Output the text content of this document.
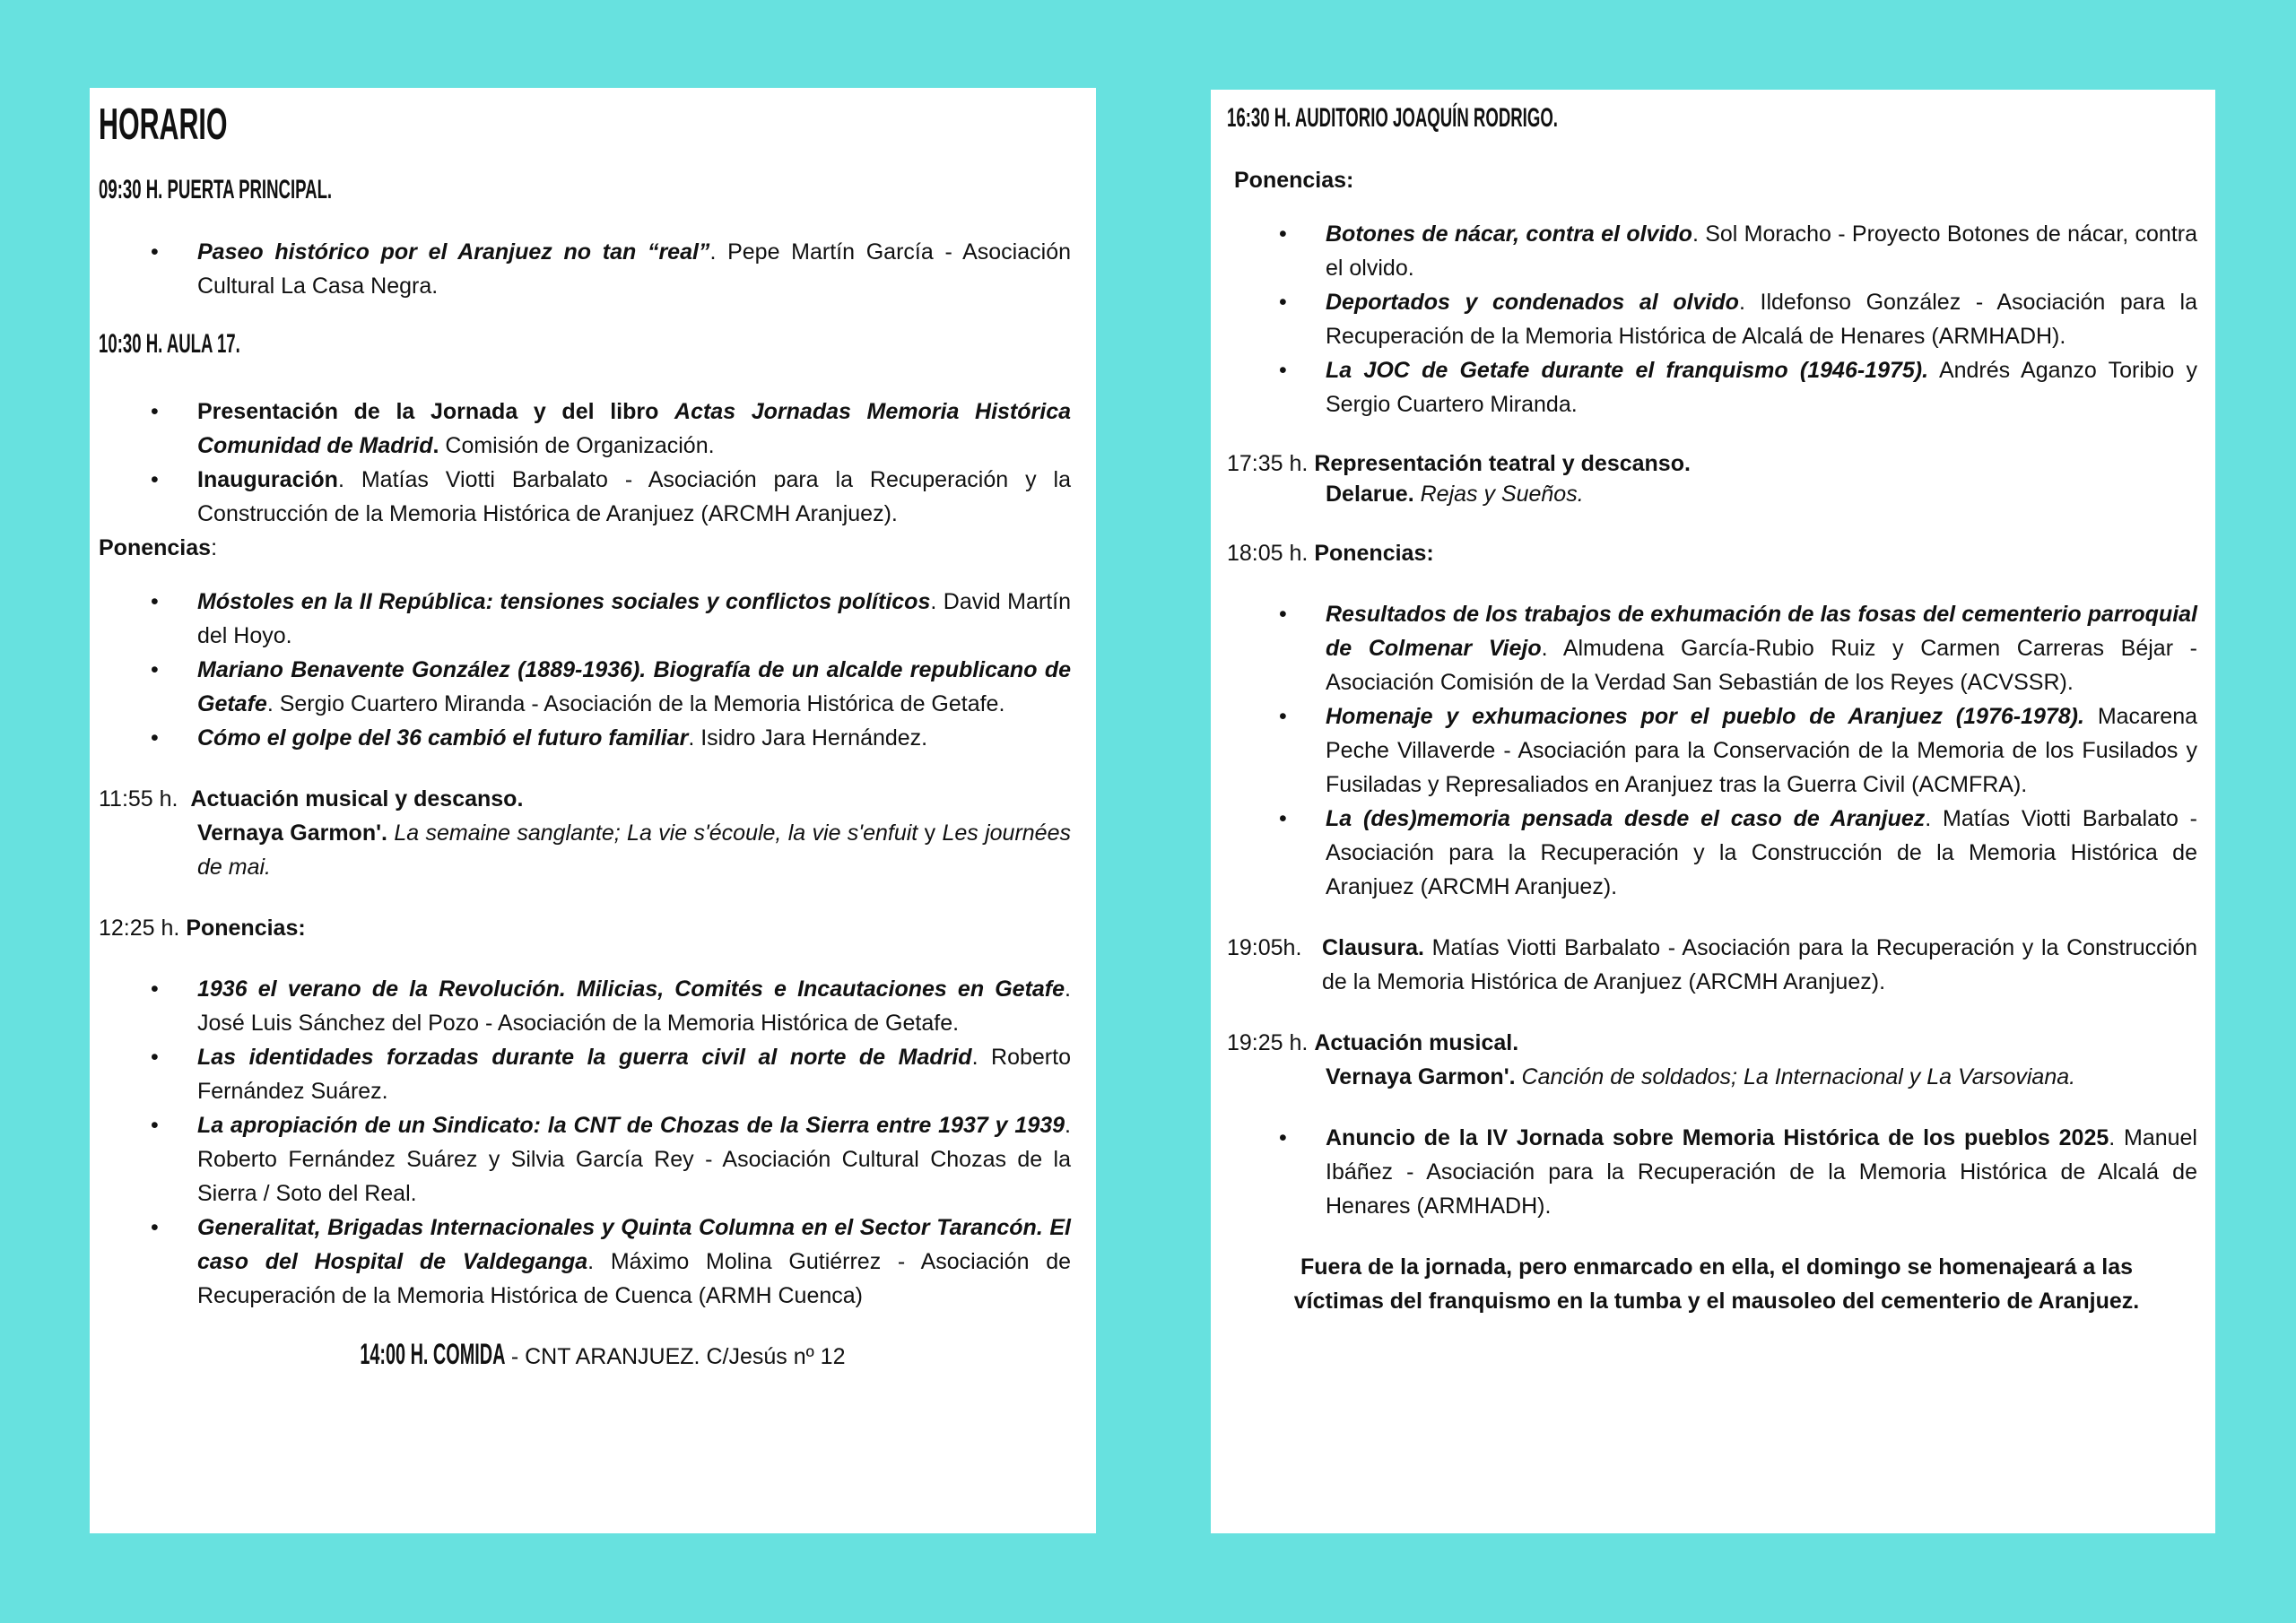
HORARIO
09:30 H. PUERTA PRINCIPAL.
• Paseo histórico por el Aranjuez no tan “real”. Pepe Martín García - Asociación Cultural La Casa Negra.
10:30 H. AULA 17.
• Presentación de la Jornada y del libro Actas Jornadas Memoria Histórica Comunidad de Madrid. Comisión de Organización.
• Inauguración. Matías Viotti Barbalato - Asociación para la Recuperación y la Construcción de la Memoria Histórica de Aranjuez (ARCMH Aranjuez).
Ponencias:
• Móstoles en la II República: tensiones sociales y conflictos políticos. David Martín del Hoyo.
• Mariano Benavente González (1889-1936). Biografía de un alcalde republicano de Getafe. Sergio Cuartero Miranda - Asociación de la Memoria Histórica de Getafe.
• Cómo el golpe del 36 cambió el futuro familiar. Isidro Jara Hernández.
11:55 h. Actuación musical y descanso.
Vernaya Garmon'. La semaine sanglante; La vie s'écoule, la vie s'enfuit y Les journées de mai.
12:25 h. Ponencias:
• 1936 el verano de la Revolución. Milicias, Comités e Incautaciones en Getafe. José Luis Sánchez del Pozo - Asociación de la Memoria Histórica de Getafe.
• Las identidades forzadas durante la guerra civil al norte de Madrid. Roberto Fernández Suárez.
• La apropiación de un Sindicato: la CNT de Chozas de la Sierra entre 1937 y 1939. Roberto Fernández Suárez y Silvia García Rey - Asociación Cultural Chozas de la Sierra / Soto del Real.
• Generalitat, Brigadas Internacionales y Quinta Columna en el Sector Tarancón. El caso del Hospital de Valdeganga. Máximo Molina Gutiérrez - Asociación de Recuperación de la Memoria Histórica de Cuenca (ARMH Cuenca)
14:00 H. COMIDA - CNT ARANJUEZ. C/Jesús nº 12
16:30 H. AUDITORIO JOAQUÍN RODRIGO.
Ponencias:
• Botones de nácar, contra el olvido. Sol Moracho - Proyecto Botones de nácar, contra el olvido.
• Deportados y condenados al olvido. Ildefonso González - Asociación para la Recuperación de la Memoria Histórica de Alcalá de Henares (ARMHADH).
• La JOC de Getafe durante el franquismo (1946-1975). Andrés Aganzo Toribio y Sergio Cuartero Miranda.
17:35 h. Representación teatral y descanso.
Delarue. Rejas y Sueños.
18:05 h. Ponencias:
• Resultados de los trabajos de exhumación de las fosas del cementerio parroquial de Colmenar Viejo. Almudena García-Rubio Ruiz y Carmen Carreras Béjar - Asociación Comisión de la Verdad San Sebastián de los Reyes (ACVSSR).
• Homenaje y exhumaciones por el pueblo de Aranjuez (1976-1978). Macarena Peche Villaverde - Asociación para la Conservación de la Memoria de los Fusilados y Fusiladas y Represaliados en Aranjuez tras la Guerra Civil (ACMFRA).
• La (des)memoria pensada desde el caso de Aranjuez. Matías Viotti Barbalato - Asociación para la Recuperación y la Construcción de la Memoria Histórica de Aranjuez (ARCMH Aranjuez).
19:05h. Clausura. Matías Viotti Barbalato - Asociación para la Recuperación y la Construcción de la Memoria Histórica de Aranjuez (ARCMH Aranjuez).
19:25 h. Actuación musical.
Vernaya Garmon'. Canción de soldados; La Internacional y La Varsoviana.
• Anuncio de la IV Jornada sobre Memoria Histórica de los pueblos 2025. Manuel Ibáñez - Asociación para la Recuperación de la Memoria Histórica de Alcalá de Henares (ARMHADH).
Fuera de la jornada, pero enmarcado en ella, el domingo se homenajeará a las víctimas del franquismo en la tumba y el mausoleo del cementerio de Aranjuez.
